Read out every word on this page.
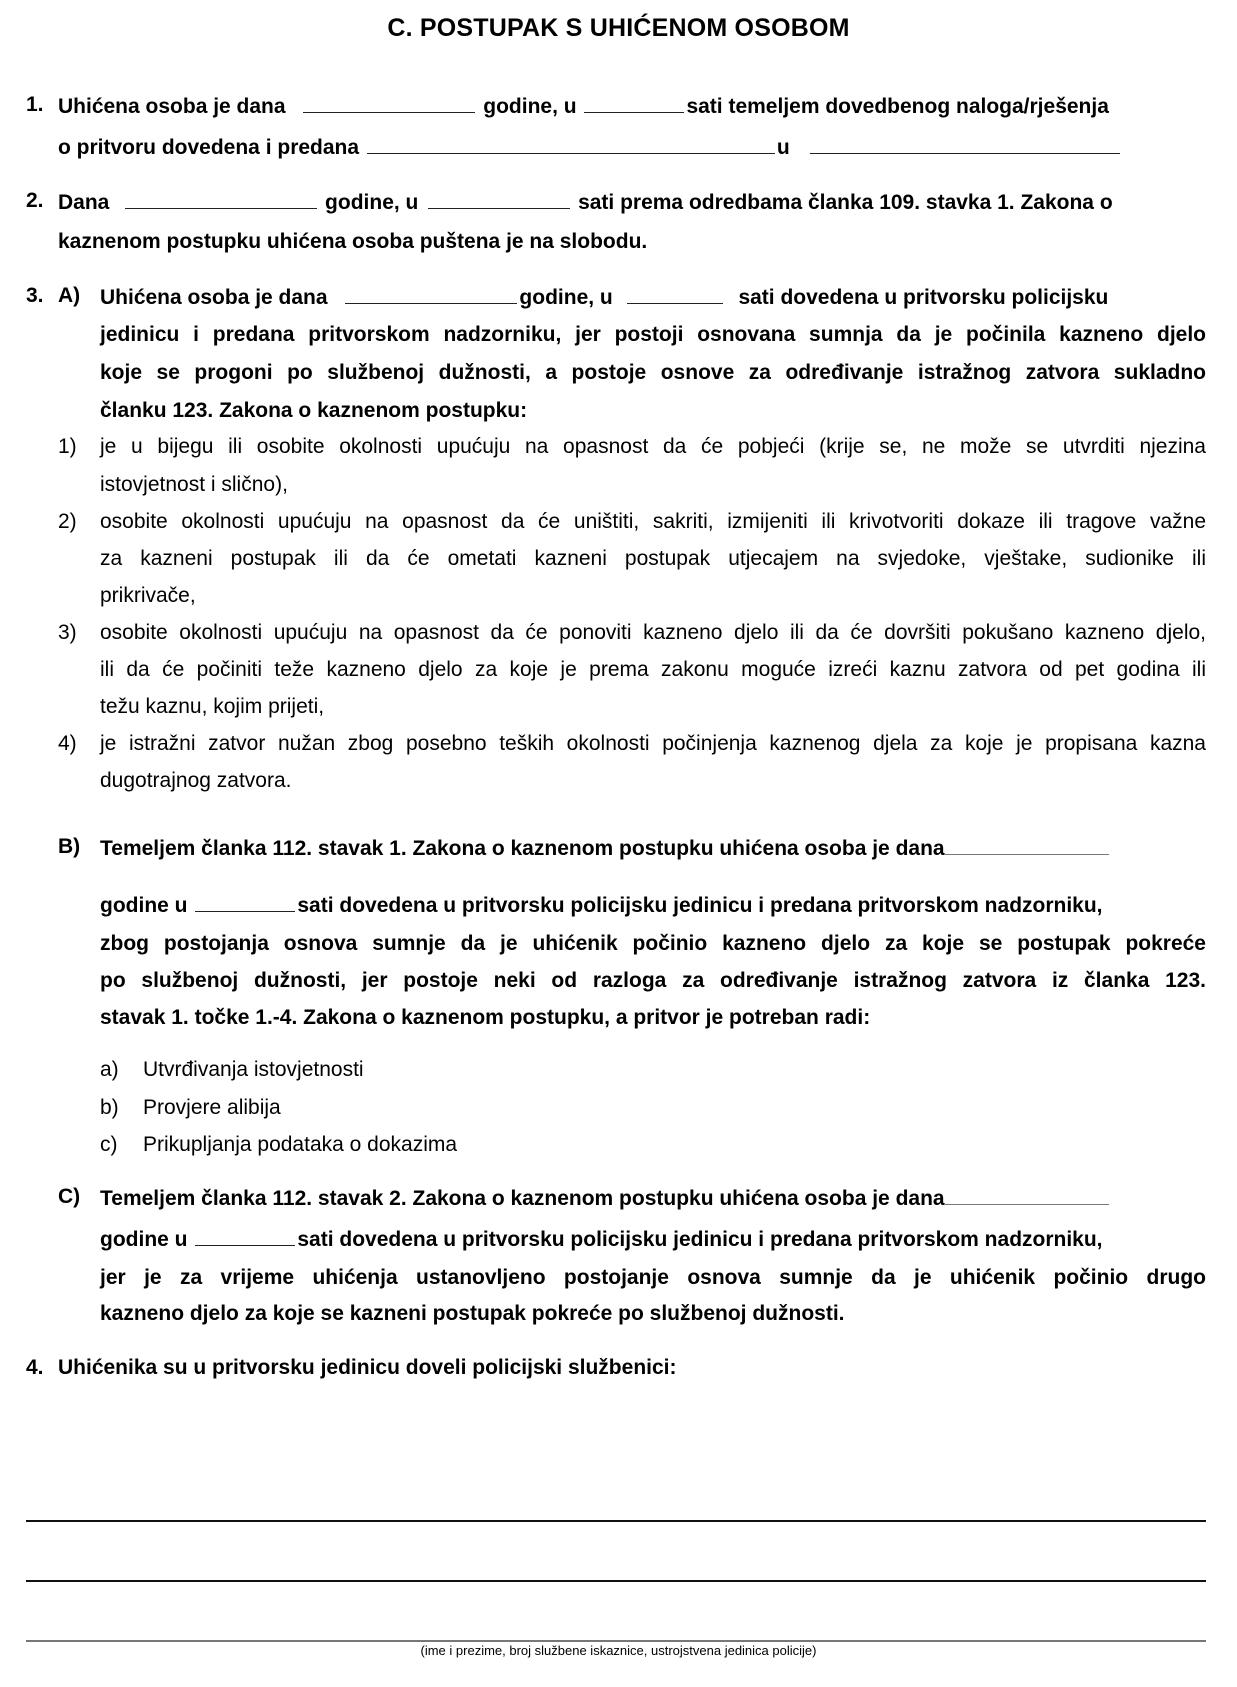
C. POSTUPAK S UHIĆENOM OSOBOM
1. Uhićena osoba je dana	godine, u	sati temeljem dovedbenog naloga/rješenja
o pritvoru dovedena i predana	u
2. Dana	godine, u	sati prema odredbama članka 109. stavka 1. Zakona o
kaznenom postupku uhićena osoba puštena je na slobodu.
3. A) Uhićena osoba je dana	godine, u	sati dovedena u pritvorsku policijsku
jedinicu i predana pritvorskom nadzorniku, jer postoji osnovana sumnja da je počinila kazneno djelo
koje se progoni po službenoj dužnosti, a postoje osnove za određivanje istražnog zatvora sukladno
članku 123. Zakona o kaznenom postupku:
1) je u bijegu ili osobite okolnosti upućuju na opasnost da će pobjeći (krije se, ne može se utvrditi njezina
istovjetnost i slično),
2) osobite okolnosti upućuju na opasnost da će uništiti, sakriti, izmijeniti ili krivotvoriti dokaze ili tragove važne
za kazneni postupak ili da će ometati kazneni postupak utjecajem na svjedoke, vještake, sudionike ili
prikrivače,
3) osobite okolnosti upućuju na opasnost da će ponoviti kazneno djelo ili da će dovršiti pokušano kazneno djelo,
ili da će počiniti teže kazneno djelo za koje je prema zakonu moguće izreći kaznu zatvora od pet godina ili
težu kaznu, kojim prijeti,
4) je istražni zatvor nužan zbog posebno teških okolnosti počinjenja kaznenog djela za koje je propisana kazna
dugotrajnog zatvora.
B) Temeljem članka 112. stavak 1. Zakona o kaznenom postupku uhićena osoba je dana
godine u	sati dovedena u pritvorsku policijsku jedinicu i predana pritvorskom nadzorniku,
zbog postojanja osnova sumnje da je uhićenik počinio kazneno djelo za koje se postupak pokreće
po službenoj dužnosti, jer postoje neki od razloga za određivanje istražnog zatvora iz članka 123.
stavak 1. točke 1.-4. Zakona o kaznenom postupku, a pritvor je potreban radi:
a) Utvrđivanja istovjetnosti
b) Provjere alibija
c) Prikupljanja podataka o dokazima
C) Temeljem članka 112. stavak 2. Zakona o kaznenom postupku uhićena osoba je dana
godine u	sati dovedena u pritvorsku policijsku jedinicu i predana pritvorskom nadzorniku,
jer je za vrijeme uhićenja ustanovljeno postojanje osnova sumnje da je uhićenik počinio drugo
kazneno djelo za koje se kazneni postupak pokreće po službenoj dužnosti.
4. Uhićenika su u pritvorsku jedinicu doveli policijski službenici:
(ime i prezime, broj službene iskaznice, ustrojstvena jedinica policije)
